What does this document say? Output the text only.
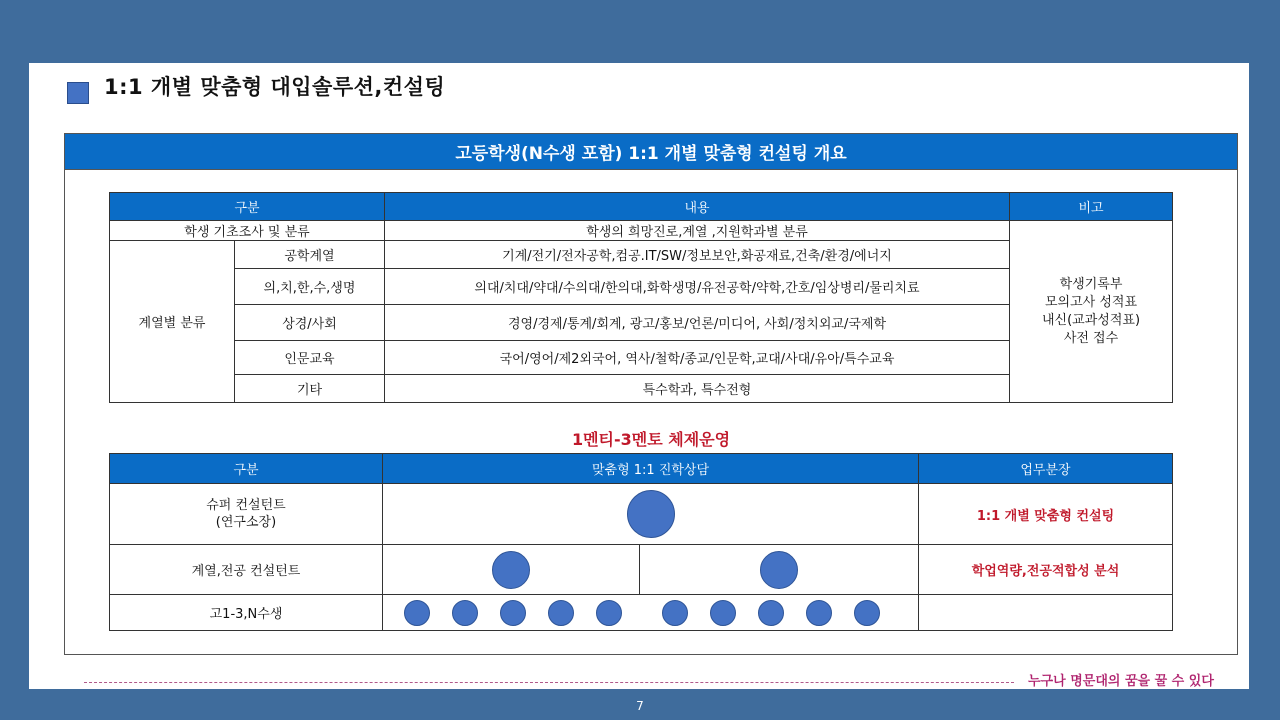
1:1 개별 맞춤형 대입솔루션,컨설팅
고등학생(N수생 포함) 1:1 개별 맞춤형 컨설팅 개요
구분		내용	비고
학생 기초조사 및 분류		학생의 희망진로,계열 ,지원학과별 분류	학생기록부
모의고사 성적표
내신(교과성적표)
사전 접수

계열별 분류	공학계열	기계/전기/전자공학,컴공.IT/SW/정보보안,화공재료,건축/환경/에너지	
	의,치,한,수,생명	의대/치대/약대/수의대/한의대,화학생명/유전공학/약학,간호/임상병리/물리치료	
	상경/사회	경영/경제/통계/회계, 광고/홍보/언론/미디어, 사회/정치외교/국제학	
	인문교육	국어/영어/제2외국어, 역사/철학/종교/인문학,교대/사대/유아/특수교육	
	기타	특수학과, 특수전형	
1멘티-3멘토 체제운영
구분	맞춤형 1:1 진학상담		업무분장

슈퍼 컨설턴트
(연구소장)			1:1 개별 맞춤형 컨설팅
계열,전공 컨설턴트			학업역량,전공적합성 분석
고1-3,N수생			
누구나 명문대의 꿈을 꿀 수 있다
7
